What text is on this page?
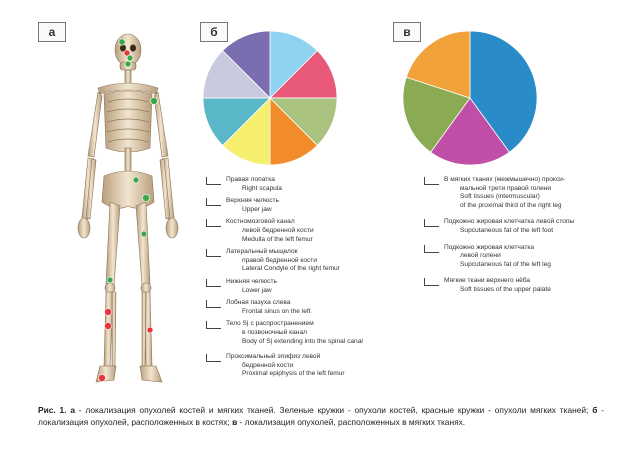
а	б	в
Правая лопатка
Right scapula
Верхняя челюсть
Upper jaw
Костномозговой канал
левой бедренной кости
Medulla of the left femur
Латеральный мыщелок
правой бедренной кости
Lateral Condyle of the right femur
Нижняя челюсть
Lower jaw
Лобная пазуха слева
Frontal sinus on the left
Тело S| с распространением
в позвоночный канал
Body of S| extending into the spinal canal
Проксимальный эпифиз левой
бедренной кости
Proximal epiphysis of the left femur
В мягких тканях (межмышечно) прокси-
мальной трети правой голени
Soft tissues (intermuscular)
of the proximal third of the right leg
Подкожно жировая клетчатка левой стопы
Supcutaneous fat of the left foot
Подкожно жировая клетчатка
левой голени
Supcutaneous fat of the left leg
Мягкие ткани верхнего нёба
Soft tissues of the upper palate
Рис. 1. а - локализация опухолей костей и мягких тканей. Зеленые кружки - опухоли костей, красные кружки - опухоли мягких тканей; б - локализация опухолей, расположенных в костях; в - локализация опухолей, расположенных в мягких тканях.
